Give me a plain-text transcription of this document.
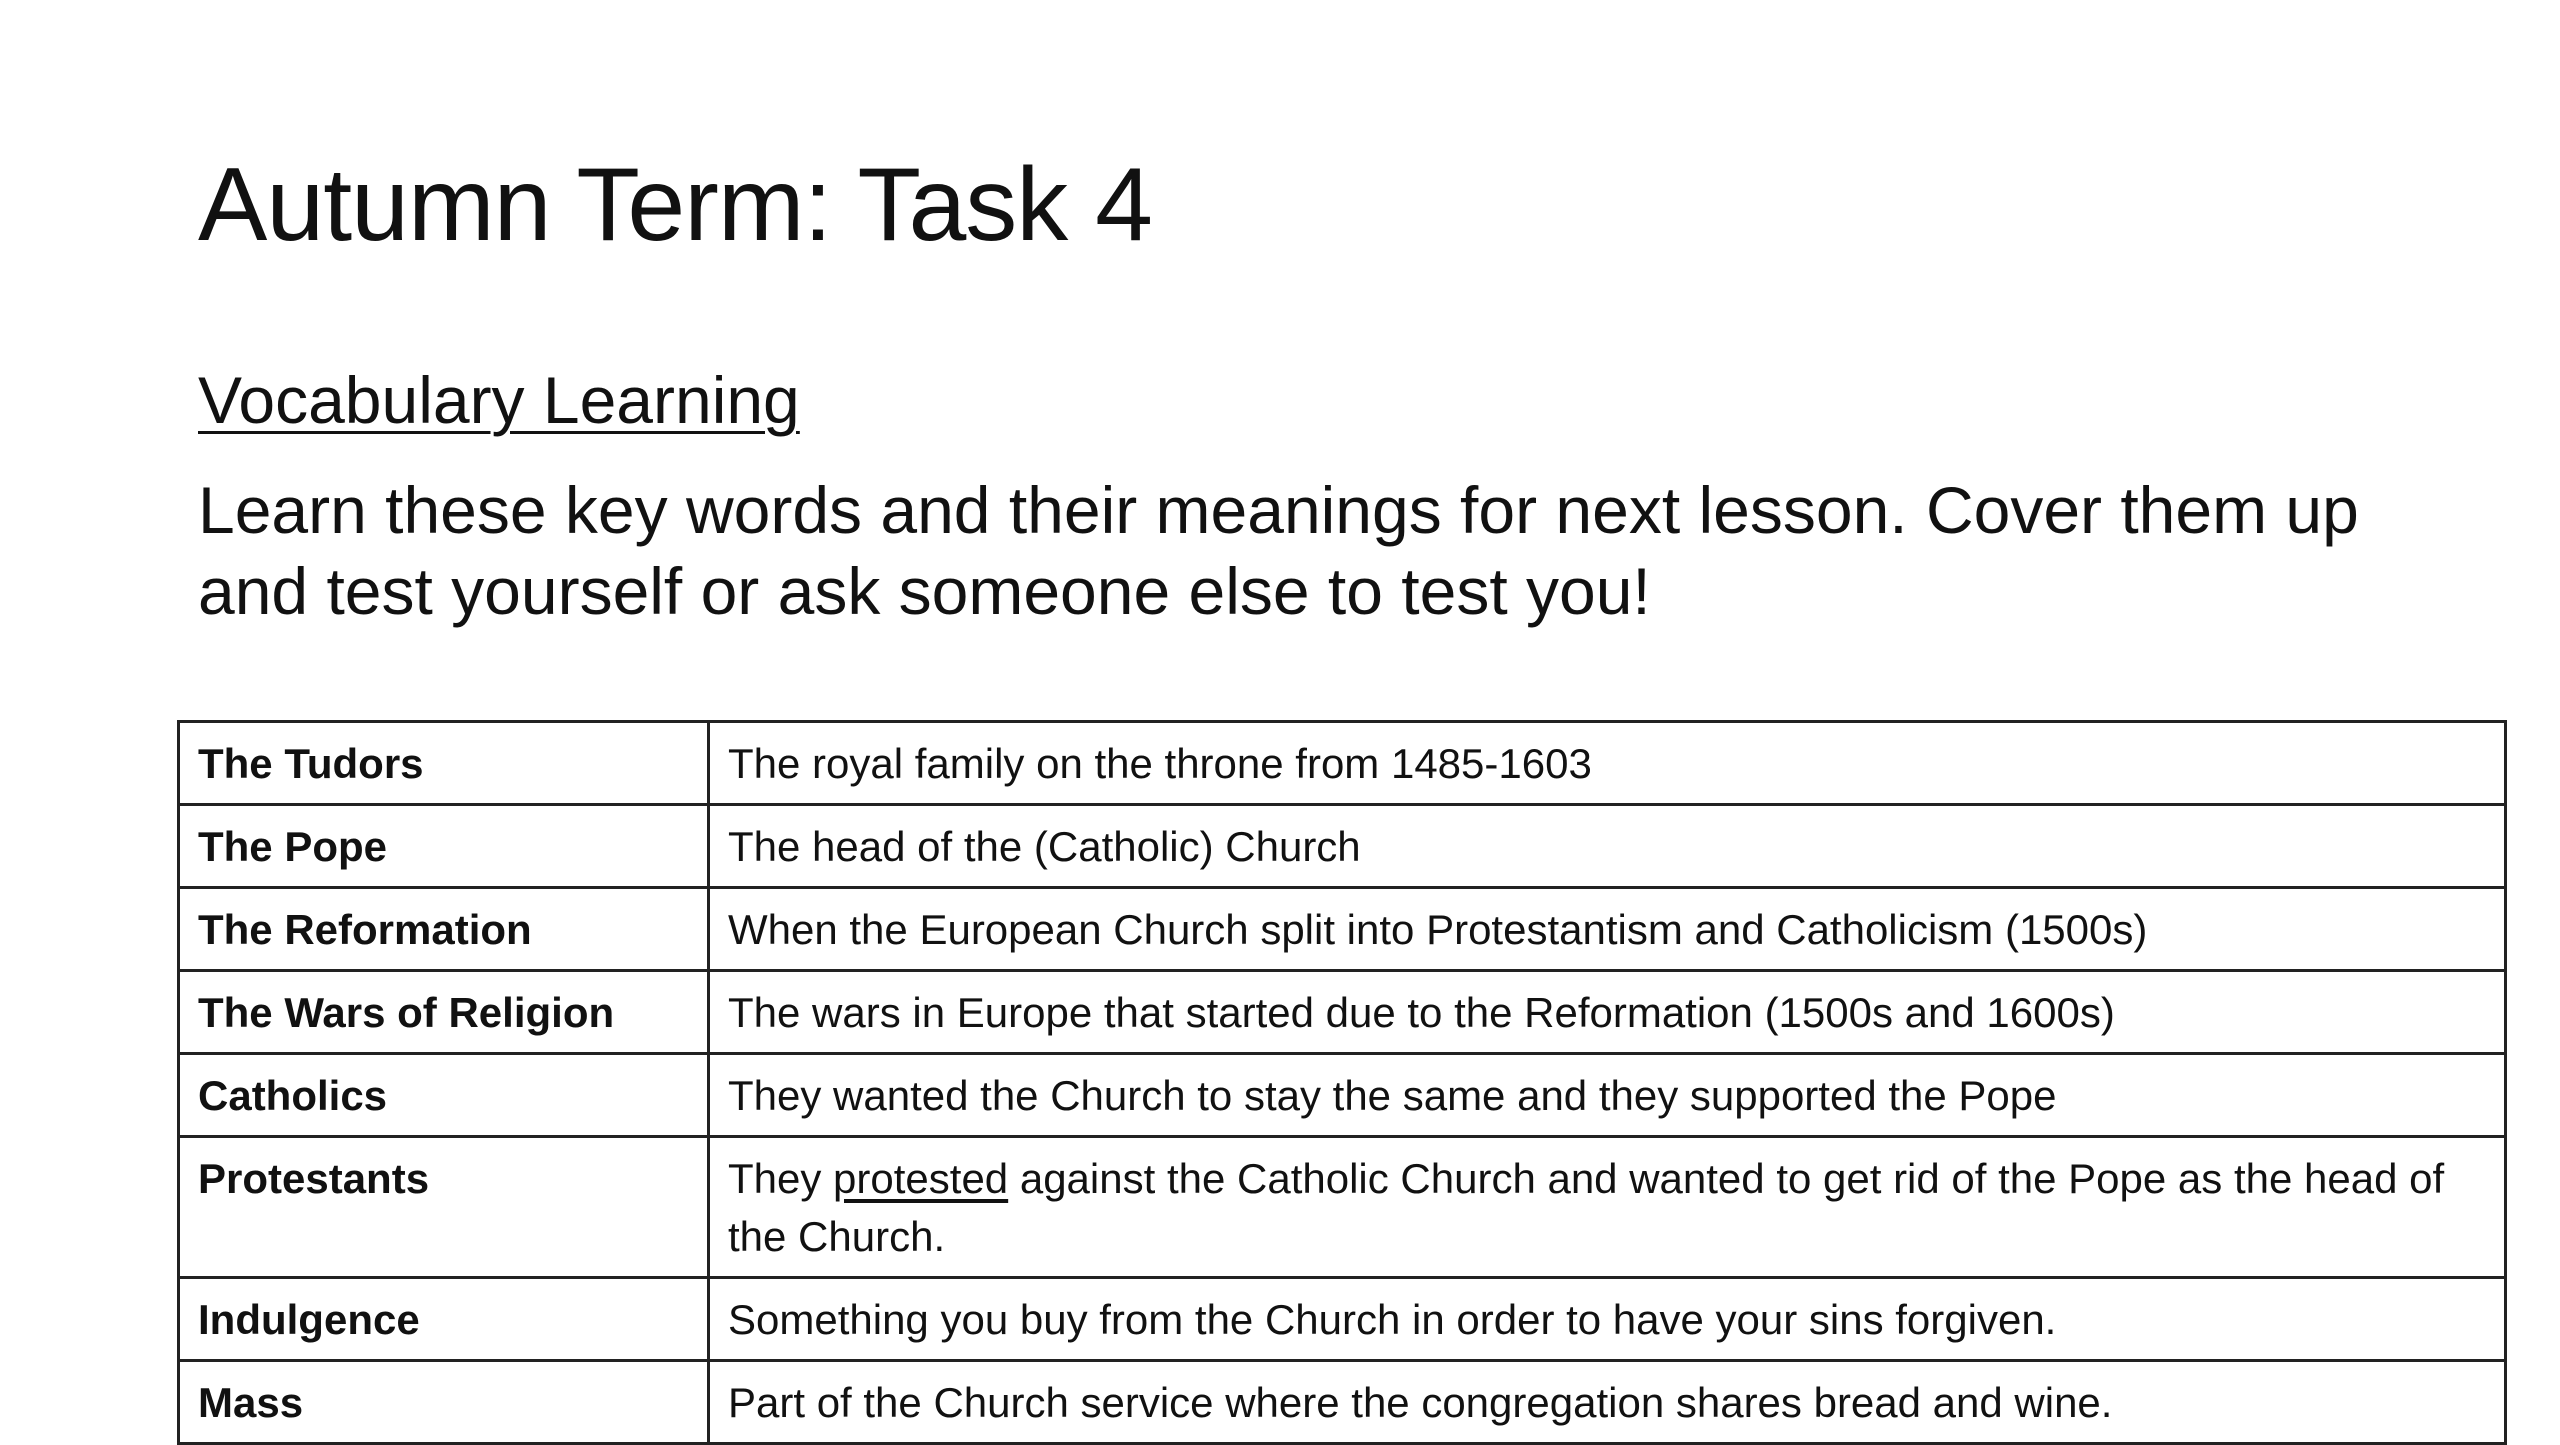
Autumn Term: Task 4
Vocabulary Learning
Learn these key words and their meanings for next lesson. Cover them up and test yourself or ask someone else to test you!
The Tudors	The royal family on the throne from 1485-1603
The Pope	The head of the (Catholic) Church
The Reformation	When the European Church split into Protestantism and Catholicism (1500s)
The Wars of Religion	The wars in Europe that started due to the Reformation (1500s and 1600s)
Catholics	They wanted the Church to stay the same and they supported the Pope
Protestants	They protested against the Catholic Church and wanted to get rid of the Pope as the head of the Church.
Indulgence	Something you buy from the Church in order to have your sins forgiven.
Mass	Part of the Church service where the congregation shares bread and wine.
